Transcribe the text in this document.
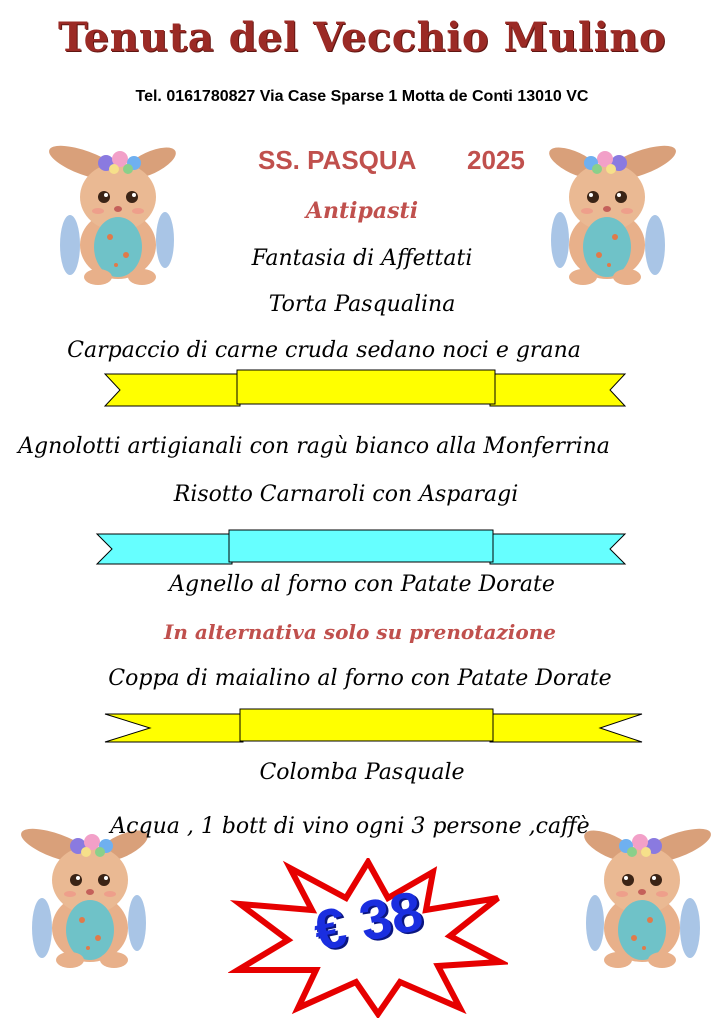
Tenuta del Vecchio Mulino
Tel. 0161780827 Via Case Sparse 1 Motta de Conti 13010 VC
SS. PASQUA 2025
Antipasti
Fantasia di Affettati
Torta Pasqualina
Carpaccio di carne cruda sedano noci e grana
Agnolotti artigianali con ragù bianco alla Monferrina
Risotto Carnaroli con Asparagi
Agnello al forno con Patate Dorate
In alternativa solo su prenotazione
Coppa di maialino al forno con Patate Dorate
Colomba Pasquale
Acqua , 1 bott di vino ogni 3 persone ,caffè
€ 38
